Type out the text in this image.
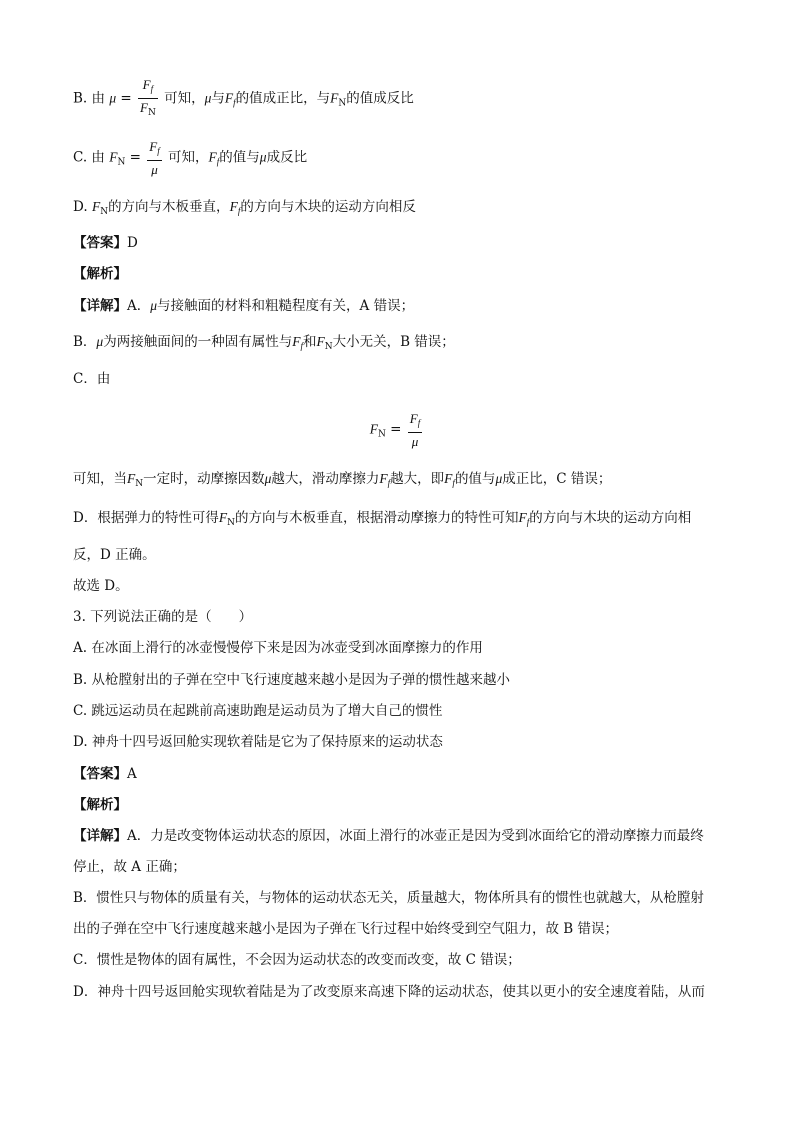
B. 由 $\mu = \frac{F_f}{F_N}$ 可知，μ与$F_f$的值成正比，与$F_N$的值成反比
C. 由 $F_N = \frac{F_f}{\mu}$ 可知，$F_f$的值与μ成反比
D. $F_N$的方向与木板垂直，$F_f$的方向与木块的运动方向相反
【答案】D
【解析】
【详解】A．μ与接触面的材料和粗糙程度有关，A 错误；
B．μ为两接触面间的一种固有属性与$F_f$和$F_N$大小无关，B 错误；
C．由
$F_N = \frac{F_f}{\mu}$
可知，当$F_N$一定时，动摩擦因数μ越大，滑动摩擦力$F_f$越大，即$F_f$的值与μ成正比，C 错误；
D．根据弹力的特性可得$F_N$的方向与木板垂直，根据滑动摩擦力的特性可知$F_f$的方向与木块的运动方向相
反，D 正确。
故选 D。
3. 下列说法正确的是（　　）
A. 在冰面上滑行的冰壶慢慢停下来是因为冰壶受到冰面摩擦力的作用
B. 从枪膛射出的子弹在空中飞行速度越来越小是因为子弹的惯性越来越小
C. 跳远运动员在起跳前高速助跑是运动员为了增大自己的惯性
D. 神舟十四号返回舱实现软着陆是它为了保持原来的运动状态
【答案】A
【解析】
【详解】A．力是改变物体运动状态的原因，冰面上滑行的冰壶正是因为受到冰面给它的滑动摩擦力而最终
停止，故 A 正确；
B．惯性只与物体的质量有关，与物体的运动状态无关，质量越大，物体所具有的惯性也就越大，从枪膛射
出的子弹在空中飞行速度越来越小是因为子弹在飞行过程中始终受到空气阻力，故 B 错误；
C．惯性是物体的固有属性，不会因为运动状态的改变而改变，故 C 错误；
D．神舟十四号返回舱实现软着陆是为了改变原来高速下降的运动状态，使其以更小的安全速度着陆，从而
